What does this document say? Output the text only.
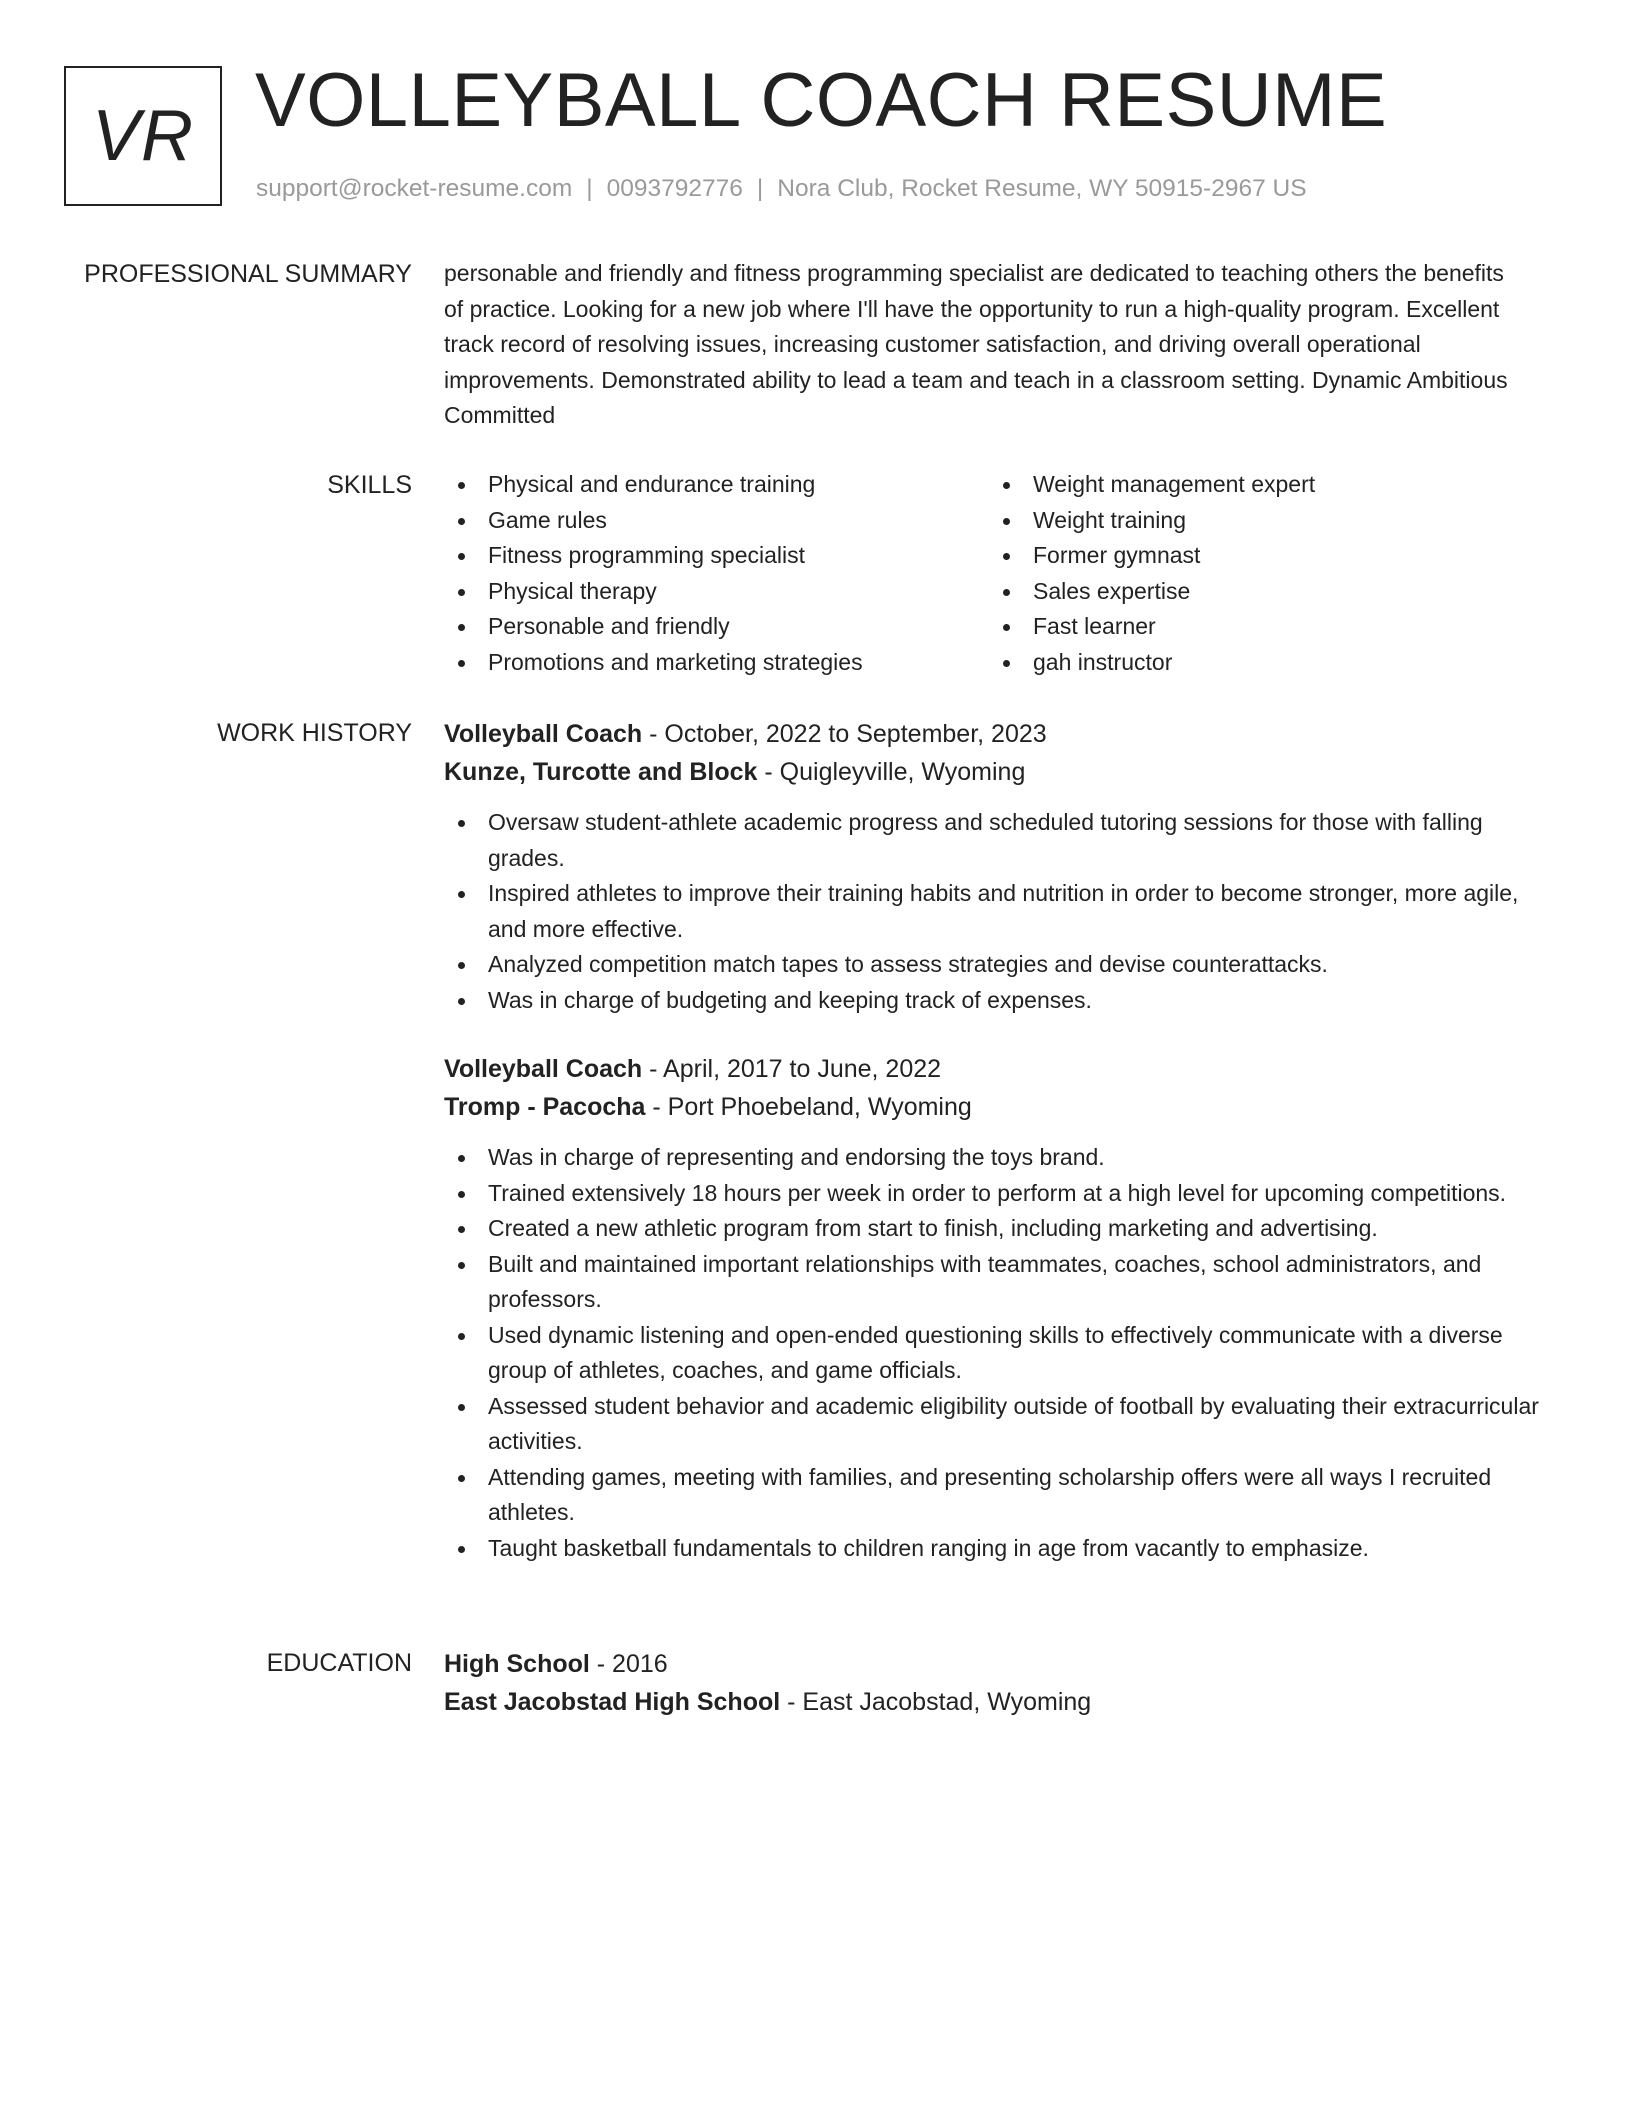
VR VOLLEYBALL COACH RESUME
support@rocket-resume.com | 0093792776 | Nora Club, Rocket Resume, WY 50915-2967 US
PROFESSIONAL SUMMARY personable and friendly and fitness programming specialist are dedicated to teaching others the benefits of practice. Looking for a new job where I'll have the opportunity to run a high-quality program. Excellent track record of resolving issues, increasing customer satisfaction, and driving overall operational improvements. Demonstrated ability to lead a team and teach in a classroom setting. Dynamic Ambitious Committed

SKILLS	Physical and endurance training
Game rules
Fitness programming specialist
Physical therapy
Personable and friendly
Promotions and marketing strategies
Weight management expert
Weight training
Former gymnast
Sales expertise
Fast learner
gah instructor
WORK HISTORY Volleyball Coach - October, 2022 to September, 2023
Kunze, Turcotte and Block - Quigleyville, Wyoming
Oversaw student-athlete academic progress and scheduled tutoring sessions for those with falling grades.
Inspired athletes to improve their training habits and nutrition in order to become stronger, more agile, and more effective.
Analyzed competition match tapes to assess strategies and devise counterattacks.
Was in charge of budgeting and keeping track of expenses.
Volleyball Coach - April, 2017 to June, 2022
Tromp - Pacocha - Port Phoebeland, Wyoming
Was in charge of representing and endorsing the toys brand.
Trained extensively 18 hours per week in order to perform at a high level for upcoming competitions.
Created a new athletic program from start to finish, including marketing and advertising.
Built and maintained important relationships with teammates, coaches, school administrators, and professors.
Used dynamic listening and open-ended questioning skills to effectively communicate with a diverse group of athletes, coaches, and game officials.
Assessed student behavior and academic eligibility outside of football by evaluating their extracurricular activities.
Attending games, meeting with families, and presenting scholarship offers were all ways I recruited athletes.
Taught basketball fundamentals to children ranging in age from vacantly to emphasize.
EDUCATION High School - 2016
East Jacobstad High School - East Jacobstad, Wyoming
